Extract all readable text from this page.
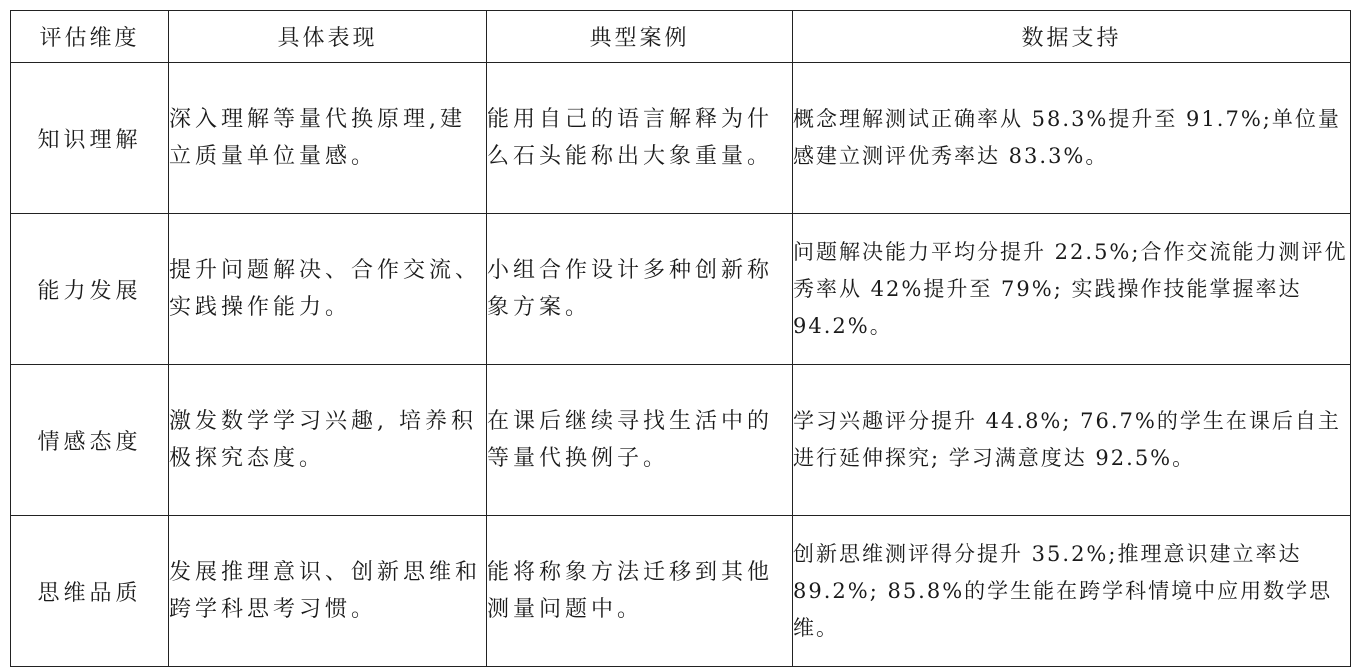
评估维度	具体表现	典型案例	数据支持
知识理解	深入理解等量代换原理,建立质量单位量感。	能用自己的语言解释为什么石头能称出大象重量。	概念理解测试正确率从 58.3%提升至 91.7%;单位量感建立测评优秀率达 83.3%。
能力发展	提升问题解决、合作交流、实践操作能力。	小组合作设计多种创新称象方案。	问题解决能力平均分提升 22.5%;合作交流能力测评优秀率从 42%提升至 79%; 实践操作技能掌握率达 94.2%。
情感态度	激发数学学习兴趣, 培养积极探究态度。	在课后继续寻找生活中的等量代换例子。	学习兴趣评分提升 44.8%; 76.7%的学生在课后自主进行延伸探究; 学习满意度达 92.5%。
思维品质	发展推理意识、创新思维和跨学科思考习惯。	能将称象方法迁移到其他测量问题中。	创新思维测评得分提升 35.2%;推理意识建立率达 89.2%; 85.8%的学生能在跨学科情境中应用数学思维。
